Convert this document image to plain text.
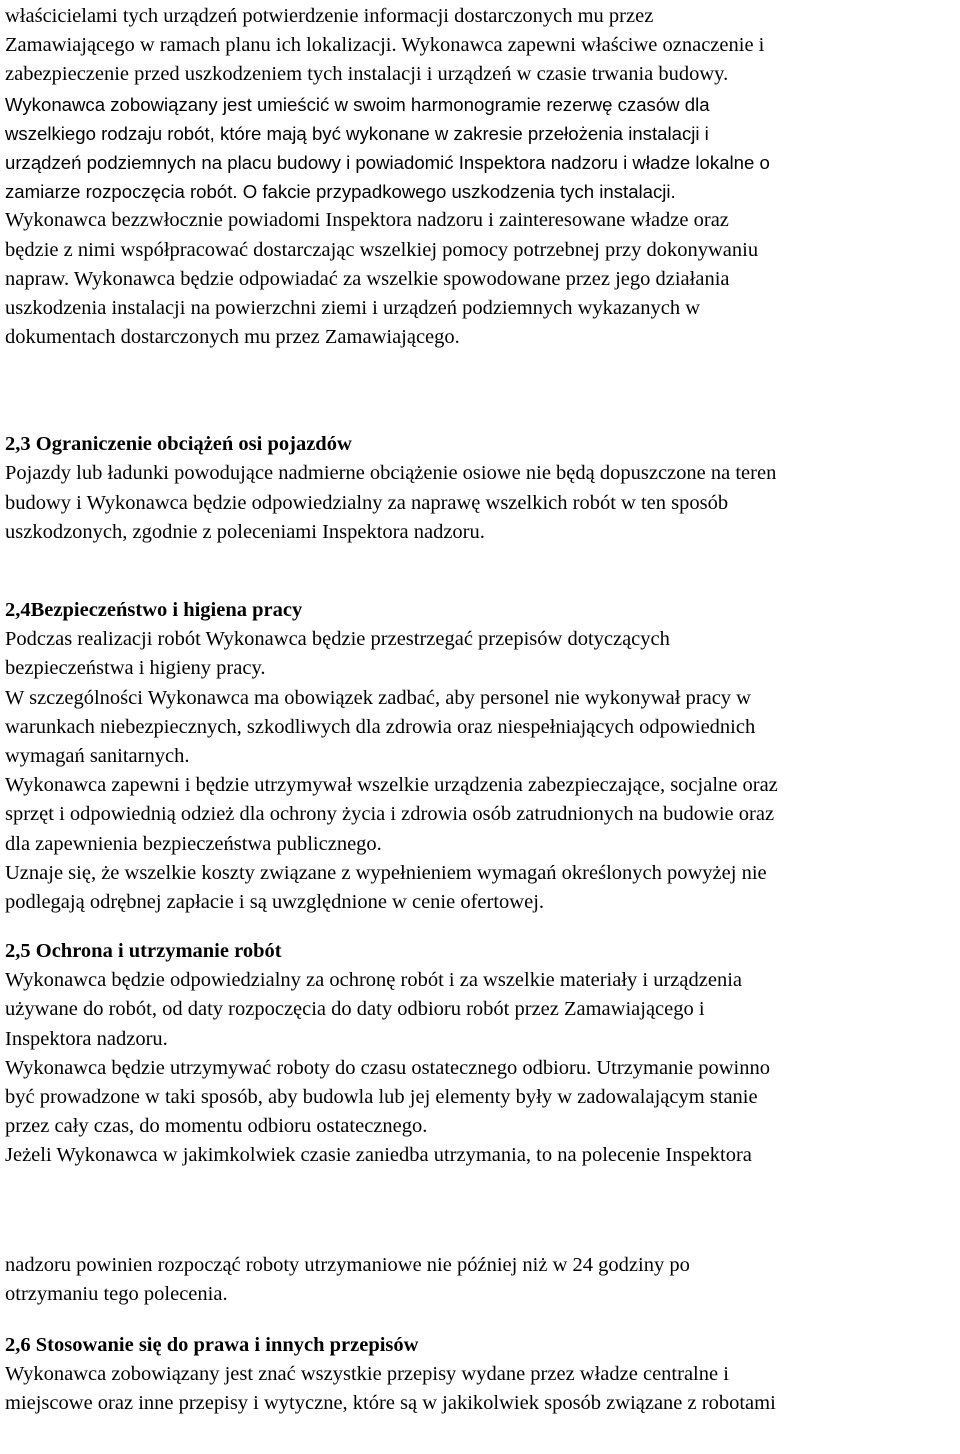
właścicielami tych urządzeń potwierdzenie informacji dostarczonych mu przez
Zamawiającego w ramach planu ich lokalizacji. Wykonawca zapewni właściwe oznaczenie i
zabezpieczenie przed uszkodzeniem tych instalacji i urządzeń w czasie trwania budowy.
Wykonawca zobowiązany jest umieścić w swoim harmonogramie rezerwę czasów dla
wszelkiego rodzaju robót, które mają być wykonane w zakresie przełożenia instalacji i
urządzeń podziemnych na placu budowy i powiadomić Inspektora nadzoru i władze lokalne o
zamiarze rozpoczęcia robót. O fakcie przypadkowego uszkodzenia tych instalacji.
Wykonawca bezzwłocznie powiadomi Inspektora nadzoru i zainteresowane władze oraz
będzie z nimi współpracować dostarczając wszelkiej pomocy potrzebnej przy dokonywaniu
napraw. Wykonawca będzie odpowiadać za wszelkie spowodowane przez jego działania
uszkodzenia instalacji na powierzchni ziemi i urządzeń podziemnych wykazanych w
dokumentach dostarczonych mu przez Zamawiającego.
2,3 Ograniczenie obciążeń osi pojazdów
Pojazdy lub ładunki powodujące nadmierne obciążenie osiowe nie będą dopuszczone na teren
budowy i Wykonawca będzie odpowiedzialny za naprawę wszelkich robót w ten sposób
uszkodzonych, zgodnie z poleceniami Inspektora nadzoru.
2,4Bezpieczeństwo i higiena pracy
Podczas realizacji robót Wykonawca będzie przestrzegać przepisów dotyczących
bezpieczeństwa i higieny pracy.
W szczególności Wykonawca ma obowiązek zadbać, aby personel nie wykonywał pracy w
warunkach niebezpiecznych, szkodliwych dla zdrowia oraz niespełniających odpowiednich
wymagań sanitarnych.
Wykonawca zapewni i będzie utrzymywał wszelkie urządzenia zabezpieczające, socjalne oraz
sprzęt i odpowiednią odzież dla ochrony życia i zdrowia osób zatrudnionych na budowie oraz
dla zapewnienia bezpieczeństwa publicznego.
Uznaje się, że wszelkie koszty związane z wypełnieniem wymagań określonych powyżej nie
podlegają odrębnej zapłacie i są uwzględnione w cenie ofertowej.
2,5 Ochrona i utrzymanie robót
Wykonawca będzie odpowiedzialny za ochronę robót i za wszelkie materiały i urządzenia
używane do robót, od daty rozpoczęcia do daty odbioru robót przez Zamawiającego i
Inspektora nadzoru.
Wykonawca będzie utrzymywać roboty do czasu ostatecznego odbioru. Utrzymanie powinno
być prowadzone w taki sposób, aby budowla lub jej elementy były w zadowalającym stanie
przez cały czas, do momentu odbioru ostatecznego.
Jeżeli Wykonawca w jakimkolwiek czasie zaniedba utrzymania, to na polecenie Inspektora
nadzoru powinien rozpocząć roboty utrzymaniowe nie później niż w 24 godziny po
otrzymaniu tego polecenia.
2,6 Stosowanie się do prawa i innych przepisów
Wykonawca zobowiązany jest znać wszystkie przepisy wydane przez władze centralne i
miejscowe oraz inne przepisy i wytyczne, które są w jakikolwiek sposób związane z robotami
